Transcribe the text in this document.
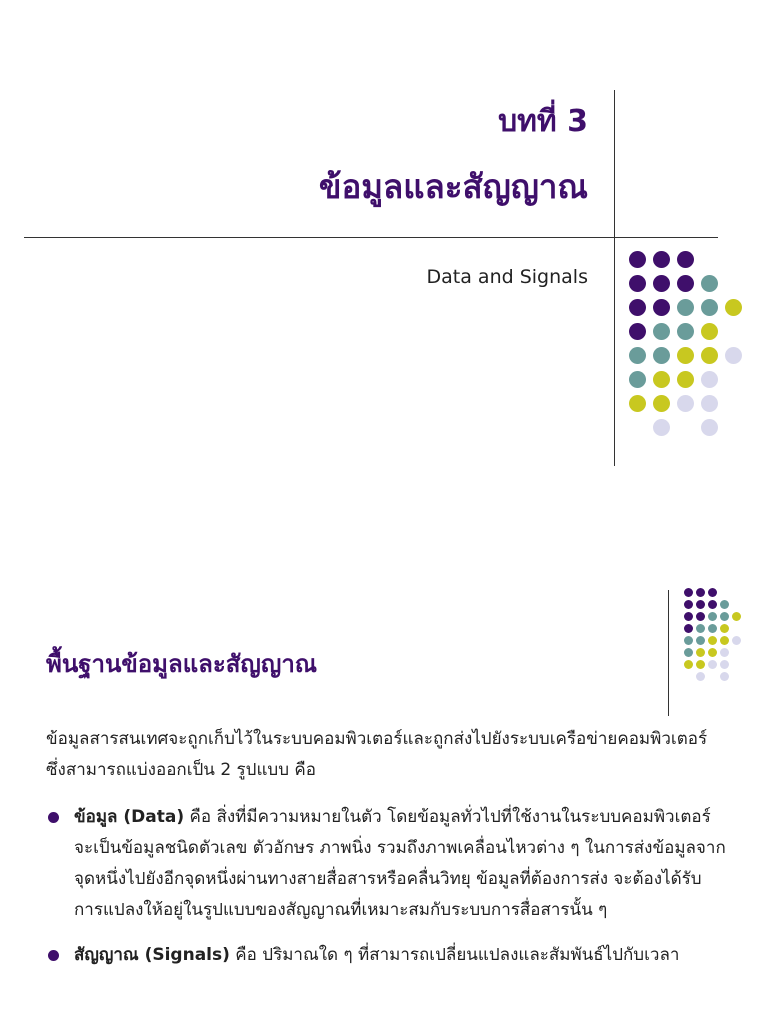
บทที่ 3
ข้อมูลและสัญญาณ
Data and Signals
พื้นฐานข้อมูลและสัญญาณ
ข้อมูลสารสนเทศจะถูกเก็บไว้ในระบบคอมพิวเตอร์และถูกส่งไปยังระบบเครือข่ายคอมพิวเตอร์ ซึ่งสามารถแบ่งออกเป็น 2 รูปแบบ คือ
ข้อมูล (Data) คือ สิ่งที่มีความหมายในตัว โดยข้อมูลทั่วไปที่ใช้งานในระบบคอมพิวเตอร์ จะเป็นข้อมูลชนิดตัวเลข ตัวอักษร ภาพนิ่ง รวมถึงภาพเคลื่อนไหวต่าง ๆ ในการส่งข้อมูลจากจุดหนึ่งไปยังอีกจุดหนึ่งผ่านทางสายสื่อสารหรือคลื่นวิทยุ ข้อมูลที่ต้องการส่ง จะต้องได้รับการแปลงให้อยู่ในรูปแบบของสัญญาณที่เหมาะสมกับระบบการสื่อสารนั้น ๆ
สัญญาณ (Signals) คือ ปริมาณใด ๆ ที่สามารถเปลี่ยนแปลงและสัมพันธ์ไปกับเวลา
